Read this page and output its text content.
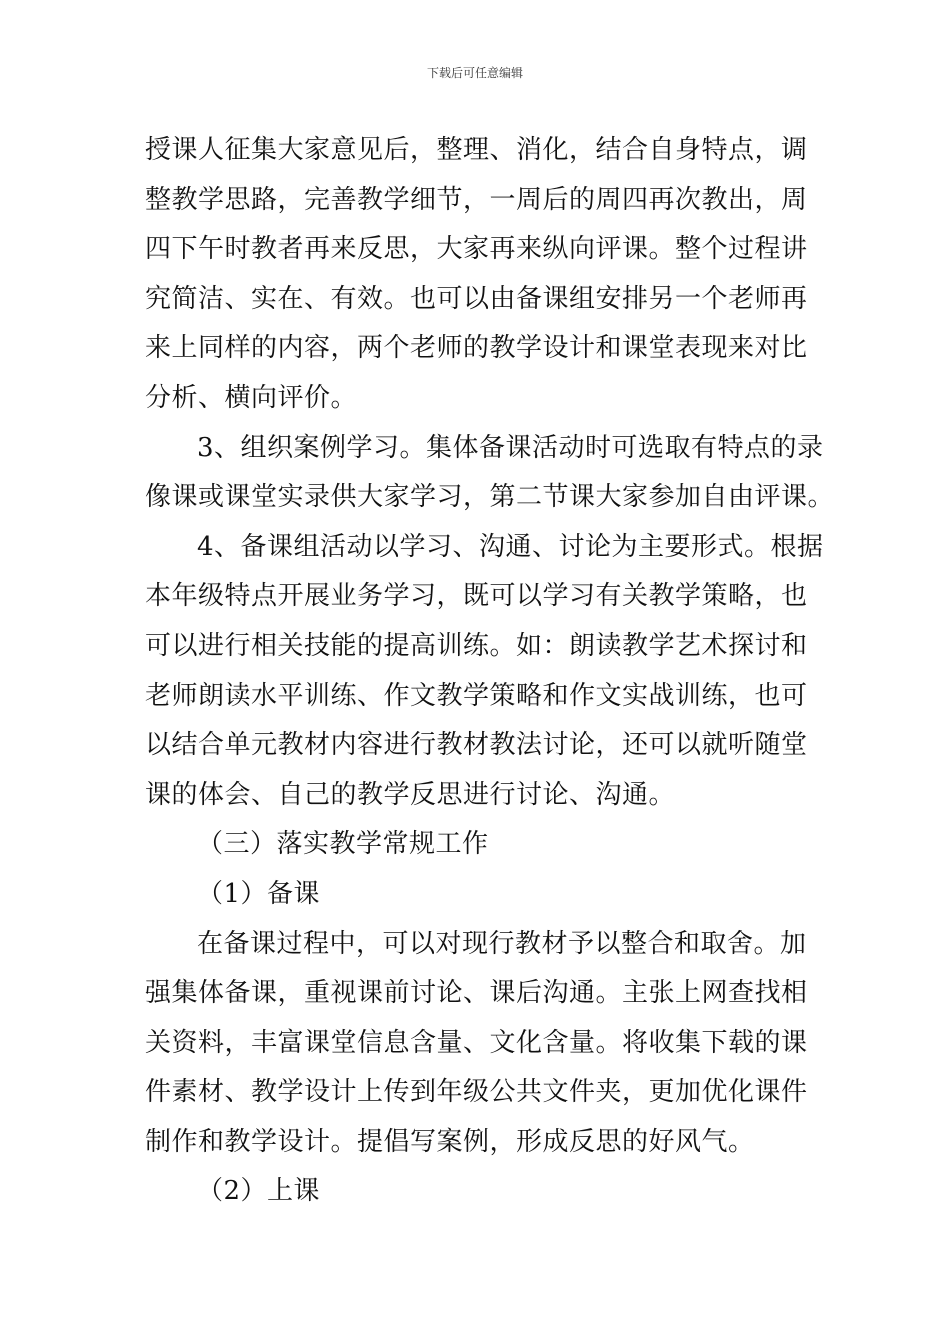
下载后可任意编辑
授课人征集大家意见后，整理、消化，结合自身特点，调
整教学思路，完善教学细节，一周后的周四再次教出，周
四下午时教者再来反思，大家再来纵向评课。整个过程讲
究简洁、实在、有效。也可以由备课组安排另一个老师再
来上同样的内容，两个老师的教学设计和课堂表现来对比
分析、横向评价。
3、组织案例学习。集体备课活动时可选取有特点的录
像课或课堂实录供大家学习，第二节课大家参加自由评课。
4、备课组活动以学习、沟通、讨论为主要形式。根据
本年级特点开展业务学习，既可以学习有关教学策略，也
可以进行相关技能的提高训练。如：朗读教学艺术探讨和
老师朗读水平训练、作文教学策略和作文实战训练，也可
以结合单元教材内容进行教材教法讨论，还可以就听随堂
课的体会、自己的教学反思进行讨论、沟通。
（三）落实教学常规工作
（1）备课
在备课过程中，可以对现行教材予以整合和取舍。加
强集体备课，重视课前讨论、课后沟通。主张上网查找相
关资料，丰富课堂信息含量、文化含量。将收集下载的课
件素材、教学设计上传到年级公共文件夹，更加优化课件
制作和教学设计。提倡写案例，形成反思的好风气。
（2）上课
